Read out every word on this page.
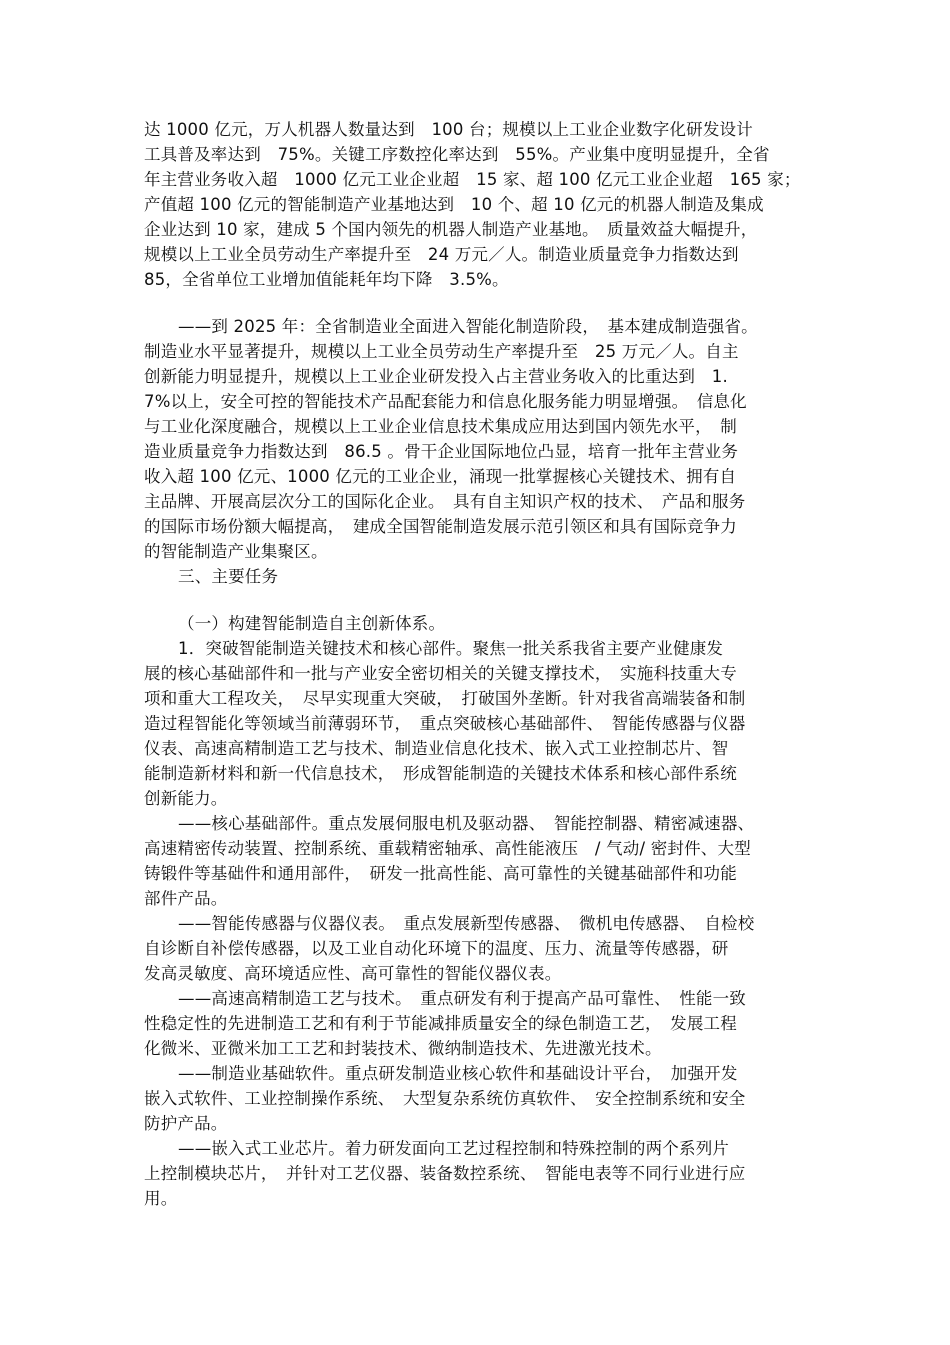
达 1000 亿元，万人机器人数量达到　100 台；规模以上工业企业数字化研发设计
工具普及率达到　75%。关键工序数控化率达到　55%。产业集中度明显提升，全省
年主营业务收入超　1000 亿元工业企业超　15 家、超 100 亿元工业企业超　165 家；
产值超 100 亿元的智能制造产业基地达到　10 个、超 10 亿元的机器人制造及集成
企业达到 10 家，建成 5 个国内领先的机器人制造产业基地。　质量效益大幅提升，
规模以上工业全员劳动生产率提升至　24 万元／人。制造业质量竞争力指数达到
85，全省单位工业增加值能耗年均下降　3.5%。
——到 2025 年：全省制造业全面进入智能化制造阶段，　基本建成制造强省。
制造业水平显著提升，规模以上工业全员劳动生产率提升至　25 万元／人。自主
创新能力明显提升，规模以上工业企业研发投入占主营业务收入的比重达到　1.
7%以上，安全可控的智能技术产品配套能力和信息化服务能力明显增强。　信息化
与工业化深度融合，规模以上工业企业信息技术集成应用达到国内领先水平，　制
造业质量竞争力指数达到　86.5 。骨干企业国际地位凸显，培育一批年主营业务
收入超 100 亿元、1000 亿元的工业企业，涌现一批掌握核心关键技术、拥有自
主品牌、开展高层次分工的国际化企业。　具有自主知识产权的技术、　产品和服务
的国际市场份额大幅提高，　建成全国智能制造发展示范引领区和具有国际竞争力
的智能制造产业集聚区。
三、主要任务
（一）构建智能制造自主创新体系。
1．突破智能制造关键技术和核心部件。聚焦一批关系我省主要产业健康发
展的核心基础部件和一批与产业安全密切相关的关键支撑技术，　实施科技重大专
项和重大工程攻关，　尽早实现重大突破，　打破国外垄断。针对我省高端装备和制
造过程智能化等领域当前薄弱环节，　重点突破核心基础部件、　智能传感器与仪器
仪表、高速高精制造工艺与技术、制造业信息化技术、嵌入式工业控制芯片、智
能制造新材料和新一代信息技术，　形成智能制造的关键技术体系和核心部件系统
创新能力。
——核心基础部件。重点发展伺服电机及驱动器、　智能控制器、精密减速器、
高速精密传动装置、控制系统、重载精密轴承、高性能液压　/ 气动/ 密封件、大型
铸锻件等基础件和通用部件，　研发一批高性能、高可靠性的关键基础部件和功能
部件产品。
——智能传感器与仪器仪表。　重点发展新型传感器、　微机电传感器、　自检校
自诊断自补偿传感器，以及工业自动化环境下的温度、压力、流量等传感器，研
发高灵敏度、高环境适应性、高可靠性的智能仪器仪表。
——高速高精制造工艺与技术。　重点研发有利于提高产品可靠性、　性能一致
性稳定性的先进制造工艺和有利于节能减排质量安全的绿色制造工艺，　发展工程
化微米、亚微米加工工艺和封装技术、微纳制造技术、先进激光技术。
——制造业基础软件。重点研发制造业核心软件和基础设计平台，　加强开发
嵌入式软件、工业控制操作系统、　大型复杂系统仿真软件、　安全控制系统和安全
防护产品。
——嵌入式工业芯片。着力研发面向工艺过程控制和特殊控制的两个系列片
上控制模块芯片，　并针对工艺仪器、装备数控系统、　智能电表等不同行业进行应
用。
